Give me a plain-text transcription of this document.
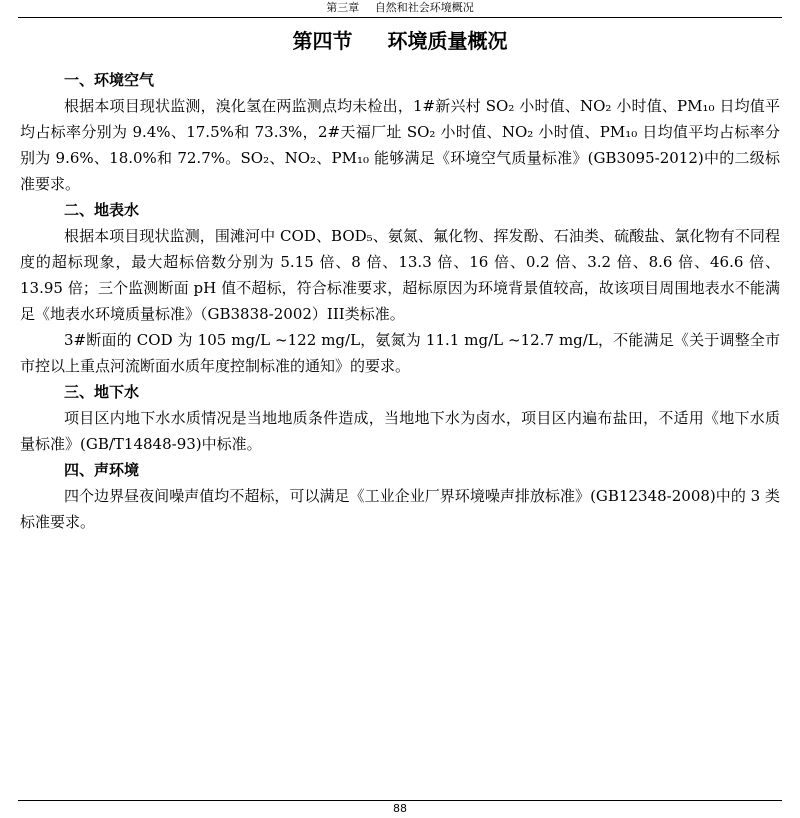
第三章 自然和社会环境概况
第四节 环境质量概况

一、环境空气

根据本项目现状监测，溴化氢在两监测点均未检出，1#新兴村 SO₂ 小时值、NO₂ 小时值、PM₁₀ 日均值平均占标率分别为 9.4%、17.5%和 73.3%，2#天福厂址 SO₂ 小时值、NO₂ 小时值、PM₁₀ 日均值平均占标率分别为 9.6%、18.0%和 72.7%。SO₂、NO₂、PM₁₀ 能够满足《环境空气质量标准》(GB3095-2012)中的二级标准要求。

二、地表水

根据本项目现状监测，围滩河中 COD、BOD₅、氨氮、氟化物、挥发酚、石油类、硫酸盐、氯化物有不同程度的超标现象，最大超标倍数分别为 5.15 倍、8 倍、13.3 倍、16 倍、0.2 倍、3.2 倍、8.6 倍、46.6 倍、13.95 倍；三个监测断面 pH 值不超标，符合标准要求，超标原因为环境背景值较高，故该项目周围地表水不能满足《地表水环境质量标准》（GB3838-2002）III类标准。

3#断面的 COD 为 105 mg/L ~122 mg/L，氨氮为 11.1 mg/L ~12.7 mg/L，不能满足《关于调整全市市控以上重点河流断面水质年度控制标准的通知》的要求。

三、地下水

项目区内地下水水质情况是当地地质条件造成，当地地下水为卤水，项目区内遍布盐田，不适用《地下水质量标准》(GB/T14848-93)中标准。

四、声环境

四个边界昼夜间噪声值均不超标，可以满足《工业企业厂界环境噪声排放标准》(GB12348-2008)中的 3 类标准要求。

88
